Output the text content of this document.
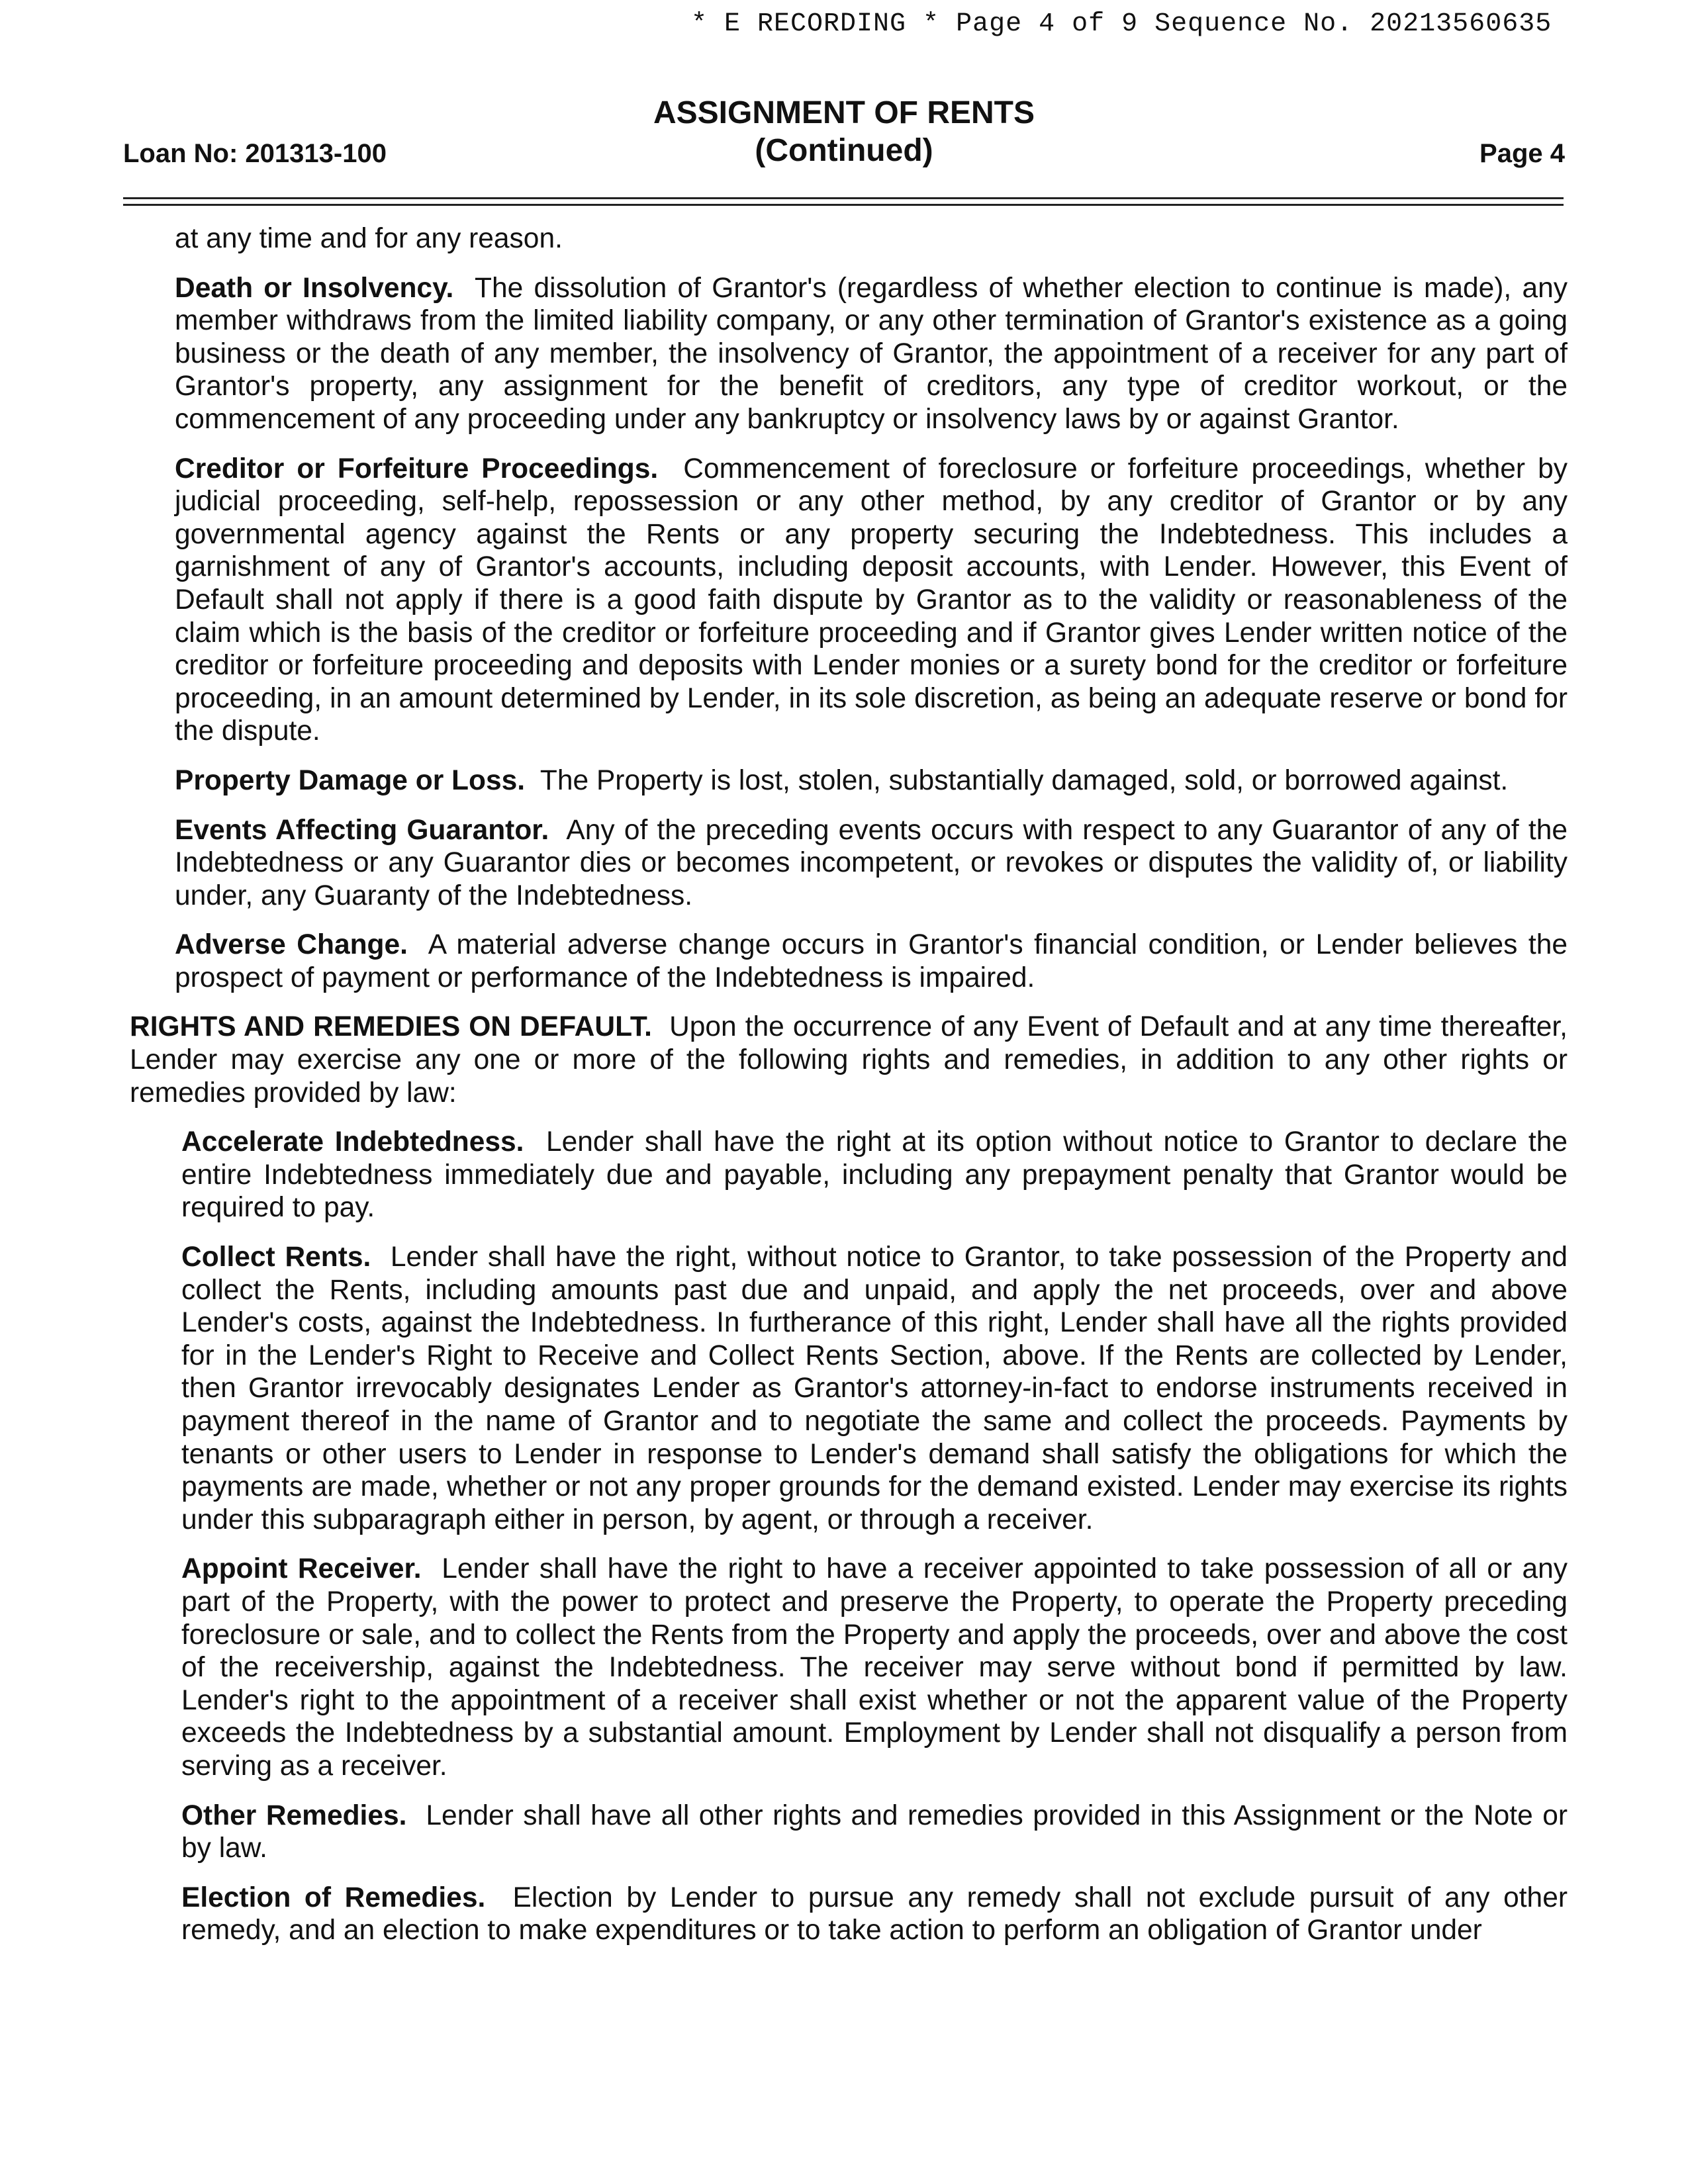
* E RECORDING * Page 4 of 9 Sequence No. 20213560635
ASSIGNMENT OF RENTS
(Continued)
Loan No: 201313-100	Page 4

at any time and for any reason.

Death or Insolvency. The dissolution of Grantor's (regardless of whether election to continue is made), any member withdraws from the limited liability company, or any other termination of Grantor's existence as a going business or the death of any member, the insolvency of Grantor, the appointment of a receiver for any part of Grantor's property, any assignment for the benefit of creditors, any type of creditor workout, or the commencement of any proceeding under any bankruptcy or insolvency laws by or against Grantor.

Creditor or Forfeiture Proceedings. Commencement of foreclosure or forfeiture proceedings, whether by judicial proceeding, self-help, repossession or any other method, by any creditor of Grantor or by any governmental agency against the Rents or any property securing the Indebtedness. This includes a garnishment of any of Grantor's accounts, including deposit accounts, with Lender. However, this Event of Default shall not apply if there is a good faith dispute by Grantor as to the validity or reasonableness of the claim which is the basis of the creditor or forfeiture proceeding and if Grantor gives Lender written notice of the creditor or forfeiture proceeding and deposits with Lender monies or a surety bond for the creditor or forfeiture proceeding, in an amount determined by Lender, in its sole discretion, as being an adequate reserve or bond for the dispute.

Property Damage or Loss. The Property is lost, stolen, substantially damaged, sold, or borrowed against.

Events Affecting Guarantor. Any of the preceding events occurs with respect to any Guarantor of any of the Indebtedness or any Guarantor dies or becomes incompetent, or revokes or disputes the validity of, or liability under, any Guaranty of the Indebtedness.

Adverse Change. A material adverse change occurs in Grantor's financial condition, or Lender believes the prospect of payment or performance of the Indebtedness is impaired.

RIGHTS AND REMEDIES ON DEFAULT. Upon the occurrence of any Event of Default and at any time thereafter, Lender may exercise any one or more of the following rights and remedies, in addition to any other rights or remedies provided by law:

Accelerate Indebtedness. Lender shall have the right at its option without notice to Grantor to declare the entire Indebtedness immediately due and payable, including any prepayment penalty that Grantor would be required to pay.

Collect Rents. Lender shall have the right, without notice to Grantor, to take possession of the Property and collect the Rents, including amounts past due and unpaid, and apply the net proceeds, over and above Lender's costs, against the Indebtedness. In furtherance of this right, Lender shall have all the rights provided for in the Lender's Right to Receive and Collect Rents Section, above. If the Rents are collected by Lender, then Grantor irrevocably designates Lender as Grantor's attorney-in-fact to endorse instruments received in payment thereof in the name of Grantor and to negotiate the same and collect the proceeds. Payments by tenants or other users to Lender in response to Lender's demand shall satisfy the obligations for which the payments are made, whether or not any proper grounds for the demand existed. Lender may exercise its rights under this subparagraph either in person, by agent, or through a receiver.

Appoint Receiver. Lender shall have the right to have a receiver appointed to take possession of all or any part of the Property, with the power to protect and preserve the Property, to operate the Property preceding foreclosure or sale, and to collect the Rents from the Property and apply the proceeds, over and above the cost of the receivership, against the Indebtedness. The receiver may serve without bond if permitted by law. Lender's right to the appointment of a receiver shall exist whether or not the apparent value of the Property exceeds the Indebtedness by a substantial amount. Employment by Lender shall not disqualify a person from serving as a receiver.

Other Remedies. Lender shall have all other rights and remedies provided in this Assignment or the Note or by law.

Election of Remedies. Election by Lender to pursue any remedy shall not exclude pursuit of any other remedy, and an election to make expenditures or to take action to perform an obligation of Grantor under
